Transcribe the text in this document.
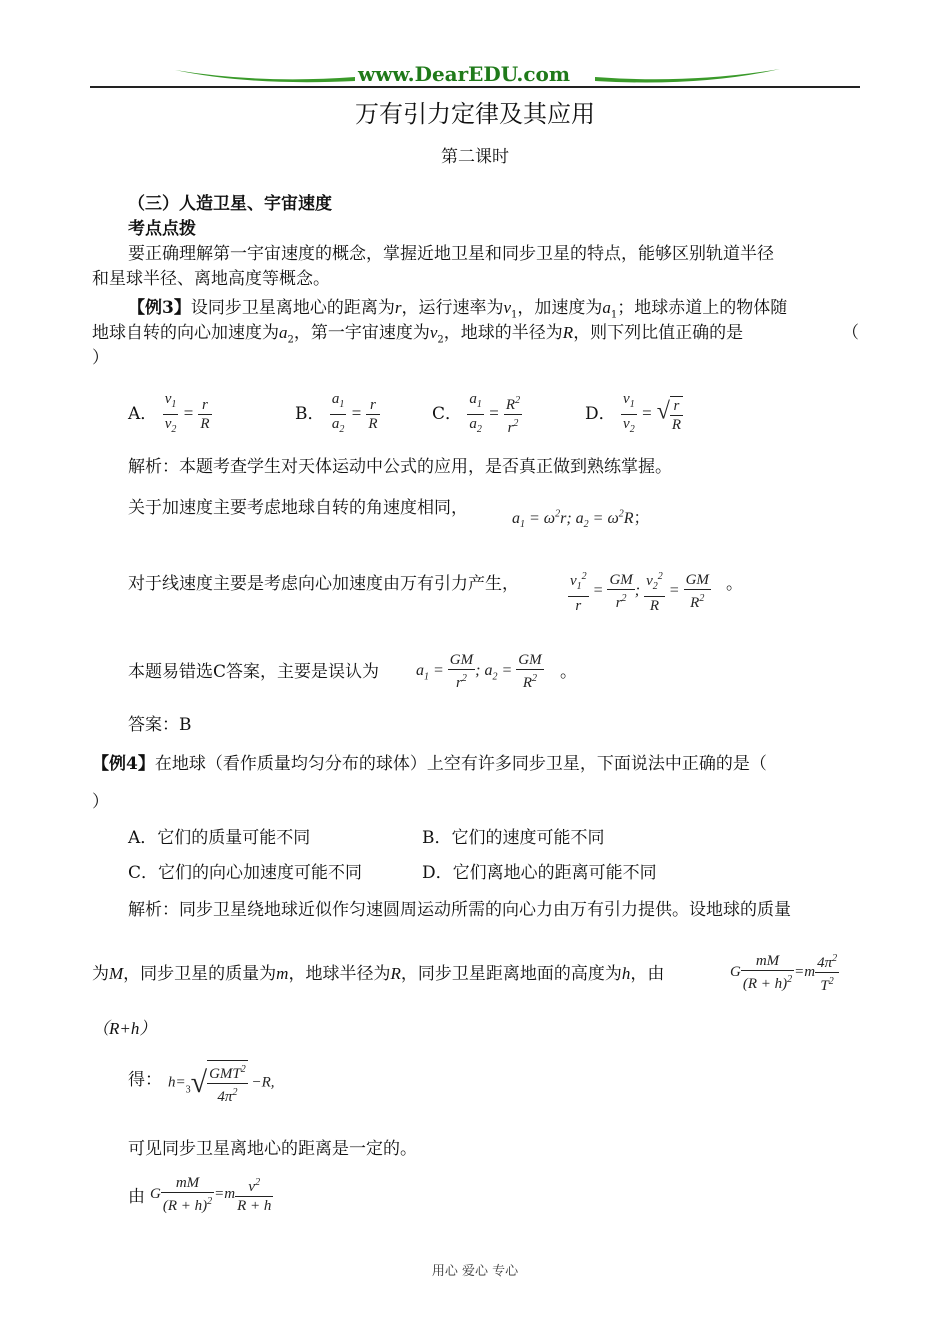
www.DearEDU.com
万有引力定律及其应用
第二课时
（三）人造卫星、宇宙速度
考点点拨
要正确理解第一宇宙速度的概念，掌握近地卫星和同步卫星的特点，能够区别轨道半径
和星球半径、离地高度等概念。
【例3】设同步卫星离地心的距离为r，运行速率为$v_1$，加速度为$a_1$；地球赤道上的物体随
地球自转的向心加速度为$a_2$，第一宇宙速度为$v_2$，地球的半径为R，则下列比值正确的是	（
）
A． $\frac{v_1}{v_2} = \frac{r}{R}$	B． $\frac{a_1}{a_2} = \frac{r}{R}$	C． $\frac{a_1}{a_2} = \frac{R^2}{r^2}$	D． $\frac{v_1}{v_2}$ = √ $\frac{r}{R}$
解析：本题考查学生对天体运动中公式的应用，是否真正做到熟练掌握。
关于加速度主要考虑地球自转的角速度相同，
$a_1 = \omega^2r$; $a_2 = \omega^2R$；
对于线速度主要是考虑向心加速度由万有引力产生，	$\frac{v_1^2}{r} = \frac{GM}{r^2}$ ; $\frac{v_2^2}{R} = \frac{GM}{R^2}$ 。
本题易错选C答案，主要是误认为 $a_1 = \frac{GM}{r^2}$ ; $a_2 = \frac{GM}{R^2}$ 。
答案：B
【例4】在地球（看作质量均匀分布的球体）上空有许多同步卫星，下面说法中正确的是（
）
A．它们的质量可能不同	B．它们的速度可能不同
C．它们的向心加速度可能不同	D．它们离地心的距离可能不同
解析：同步卫星绕地球近似作匀速圆周运动所需的向心力由万有引力提供。设地球的质量
为M，同步卫星的质量为m，地球半径为R，同步卫星距离地面的高度为h，由	G $\frac{mM}{(R + h)^2} =m \frac{4\pi^2}{T^2}$
（R+h）
得： $h=_3√ \frac{GMT^2}{4\pi^2} -R$,
可见同步卫星离地心的距离是一定的。
由 G $\frac{mM}{(R + h)^2} =m \frac{v^2}{R + h}$
用心 爱心 专心
